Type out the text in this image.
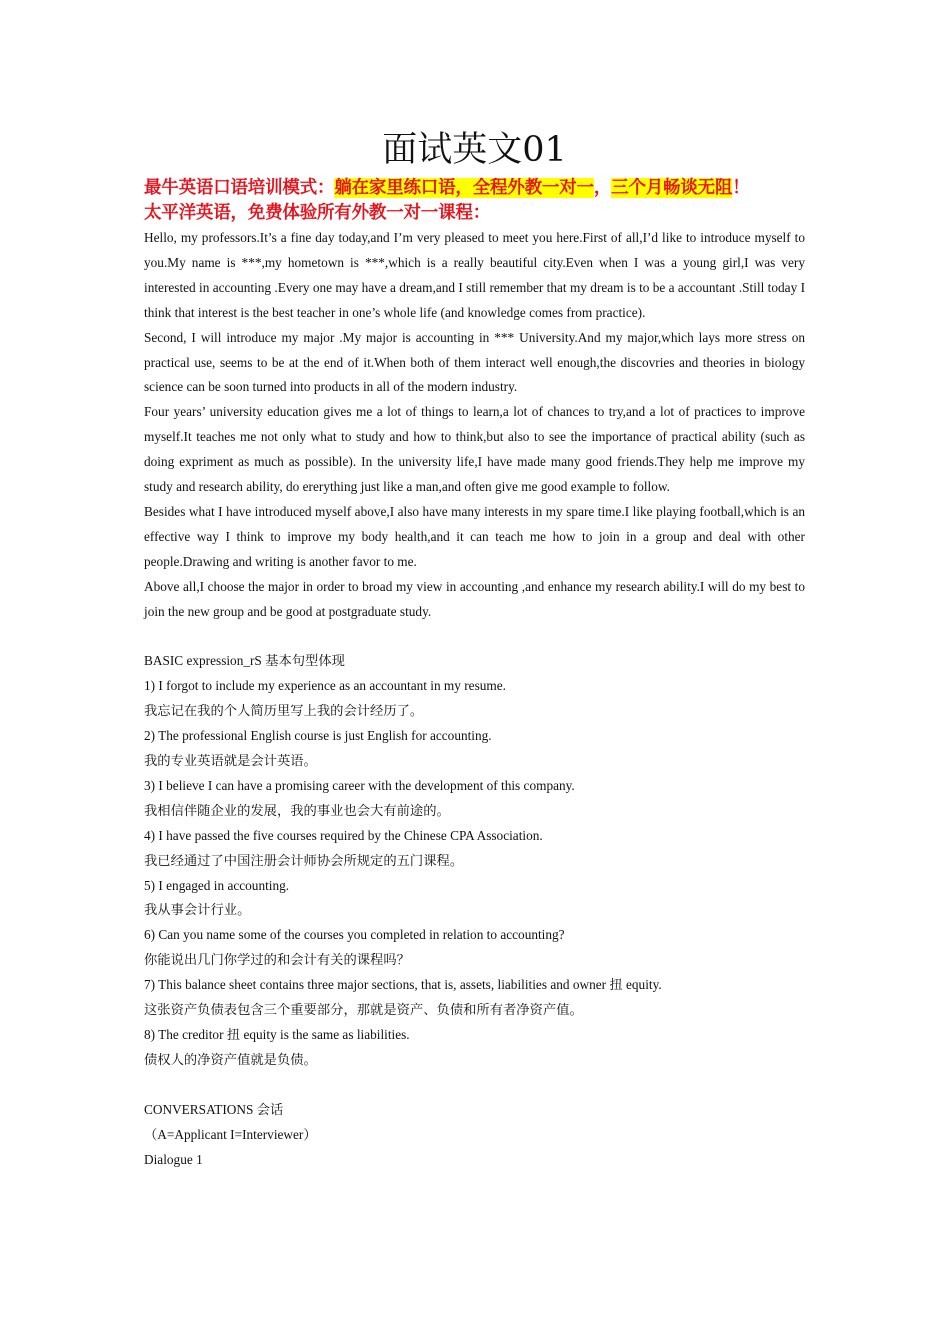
面试英文01
最牛英语口语培训模式：躺在家里练口语，全程外教一对一，三个月畅谈无阻！
太平洋英语，免费体验所有外教一对一课程：

Hello, my professors.It’s a fine day today,and I’m very pleased to meet you here.First of all,I’d like to introduce myself to you.My name is ***,my hometown is ***,which is a really beautiful city.Even when I was a young girl,I was very interested in accounting .Every one may have a dream,and I still remember that my dream is to be a accountant .Still today I think that interest is the best teacher in one’s whole life (and knowledge comes from practice).

Second, I will introduce my major .My major is accounting in *** University.And my major,which lays more stress on practical use, seems to be at the end of it.When both of them interact well enough,the discovries and theories in biology science can be soon turned into products in all of the modern industry.

Four years’ university education gives me a lot of things to learn,a lot of chances to try,and a lot of practices to improve myself.It teaches me not only what to study and how to think,but also to see the importance of practical ability (such as doing expriment as much as possible). In the university life,I have made many good friends.They help me improve my study and research ability, do ererything just like a man,and often give me good example to follow.

Besides what I have introduced myself above,I also have many interests in my spare time.I like playing football,which is an effective way I think to improve my body health,and it can teach me how to join in a group and deal with other people.Drawing and writing is another favor to me.

Above all,I choose the major in order to broad my view in accounting ,and enhance my research ability.I will do my best to join the new group and be good at postgraduate study.

BASIC expression_rS 基本句型体现

1) I forgot to include my experience as an accountant in my resume.

我忘记在我的个人简历里写上我的会计经历了。

2) The professional English course is just English for accounting.

我的专业英语就是会计英语。

3) I believe I can have a promising career with the development of this company.

我相信伴随企业的发展，我的事业也会大有前途的。

4) I have passed the five courses required by the Chinese CPA Association.

我已经通过了中国注册会计师协会所规定的五门课程。

5) I engaged in accounting.

我从事会计行业。

6) Can you name some of the courses you completed in relation to accounting?

你能说出几门你学过的和会计有关的课程吗？

7) This balance sheet contains three major sections, that is, assets, liabilities and owner 扭 equity.

这张资产负债表包含三个重要部分，那就是资产、负债和所有者净资产值。

8) The creditor 扭 equity is the same as liabilities.

债权人的净资产值就是负债。

CONVERSATIONS 会话

（A=Applicant I=Interviewer）

Dialogue 1
